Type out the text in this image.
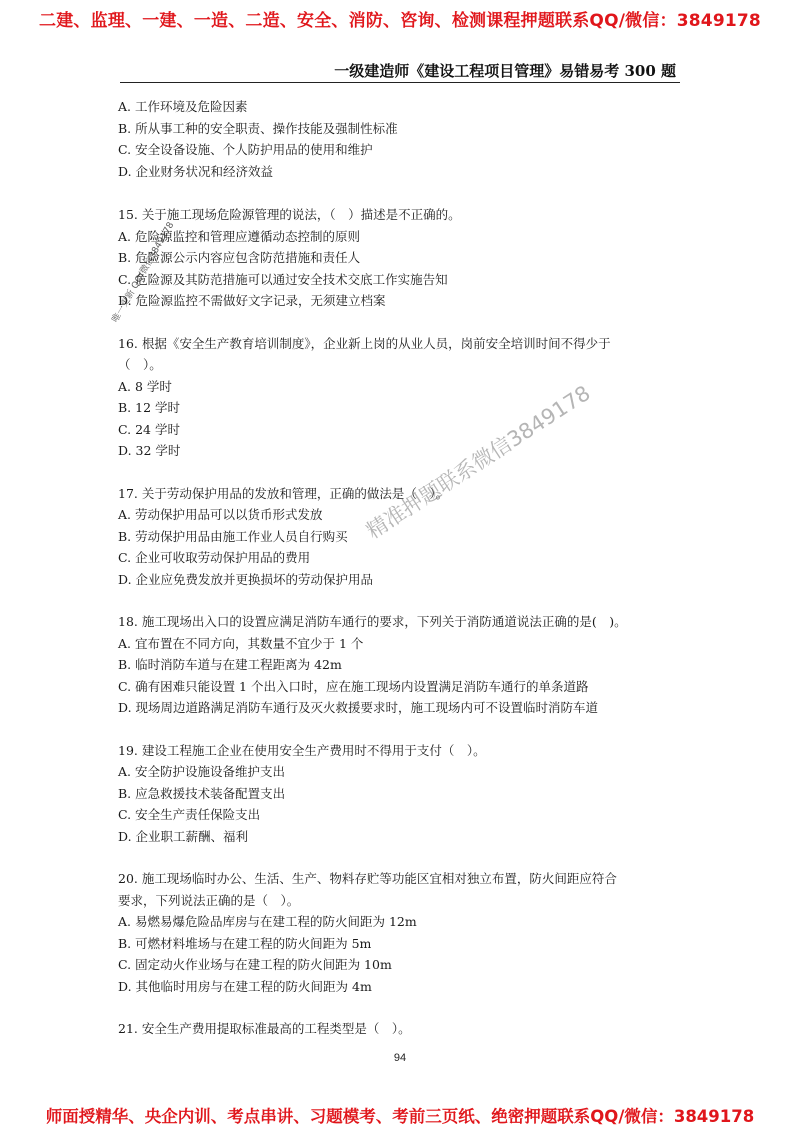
二建、监理、一建、一造、二造、安全、消防、咨询、检测课程押题联系QQ/微信：3849178
一级建造师《建设工程项目管理》易错易考 300 题

A. 工作环境及危险因素

B. 所从事工种的安全职责、操作技能及强制性标准

C. 安全设备设施、个人防护用品的使用和维护

D. 企业财务状况和经济效益

15. 关于施工现场危险源管理的说法，（　）描述是不正确的。

A. 危险源监控和管理应遵循动态控制的原则

B. 危险源公示内容应包含防范措施和责任人

C. 危险源及其防范措施可以通过安全技术交底工作实施告知

D. 危险源监控不需做好文字记录，无须建立档案

16. 根据《安全生产教育培训制度》，企业新上岗的从业人员，岗前安全培训时间不得少于

（　）。

A. 8 学时

B. 12 学时

C. 24 学时

D. 32 学时

17. 关于劳动保护用品的发放和管理，正确的做法是（　）。

A. 劳动保护用品可以以货币形式发放

B. 劳动保护用品由施工作业人员自行购买

C. 企业可收取劳动保护用品的费用

D. 企业应免费发放并更换损坏的劳动保护用品

18. 施工现场出入口的设置应满足消防车通行的要求，下列关于消防通道说法正确的是(　)。

A. 宜布置在不同方向，其数量不宜少于 1 个

B. 临时消防车道与在建工程距离为 42m

C. 确有困难只能设置 1 个出入口时，应在施工现场内设置满足消防车通行的单条道路

D. 现场周边道路满足消防车通行及灭火救援要求时，施工现场内可不设置临时消防车道

19. 建设工程施工企业在使用安全生产费用时不得用于支付（　）。

A. 安全防护设施设备维护支出

B. 应急救援技术装备配置支出

C. 安全生产责任保险支出

D. 企业职工薪酬、福利

20. 施工现场临时办公、生活、生产、物料存贮等功能区宜相对独立布置，防火间距应符合

要求，下列说法正确的是（　）。

A. 易燃易爆危险品库房与在建工程的防火间距为 12m

B. 可燃材料堆场与在建工程的防火间距为 5m

C. 固定动火作业场与在建工程的防火间距为 10m

D. 其他临时用房与在建工程的防火间距为 4m

21. 安全生产费用提取标准最高的工程类型是（　）。

精准押题联系微信3849178
唯一更新 QQ/微信3849178
94
师面授精华、央企内训、考点串讲、习题模考、考前三页纸、绝密押题联系QQ/微信：3849178
